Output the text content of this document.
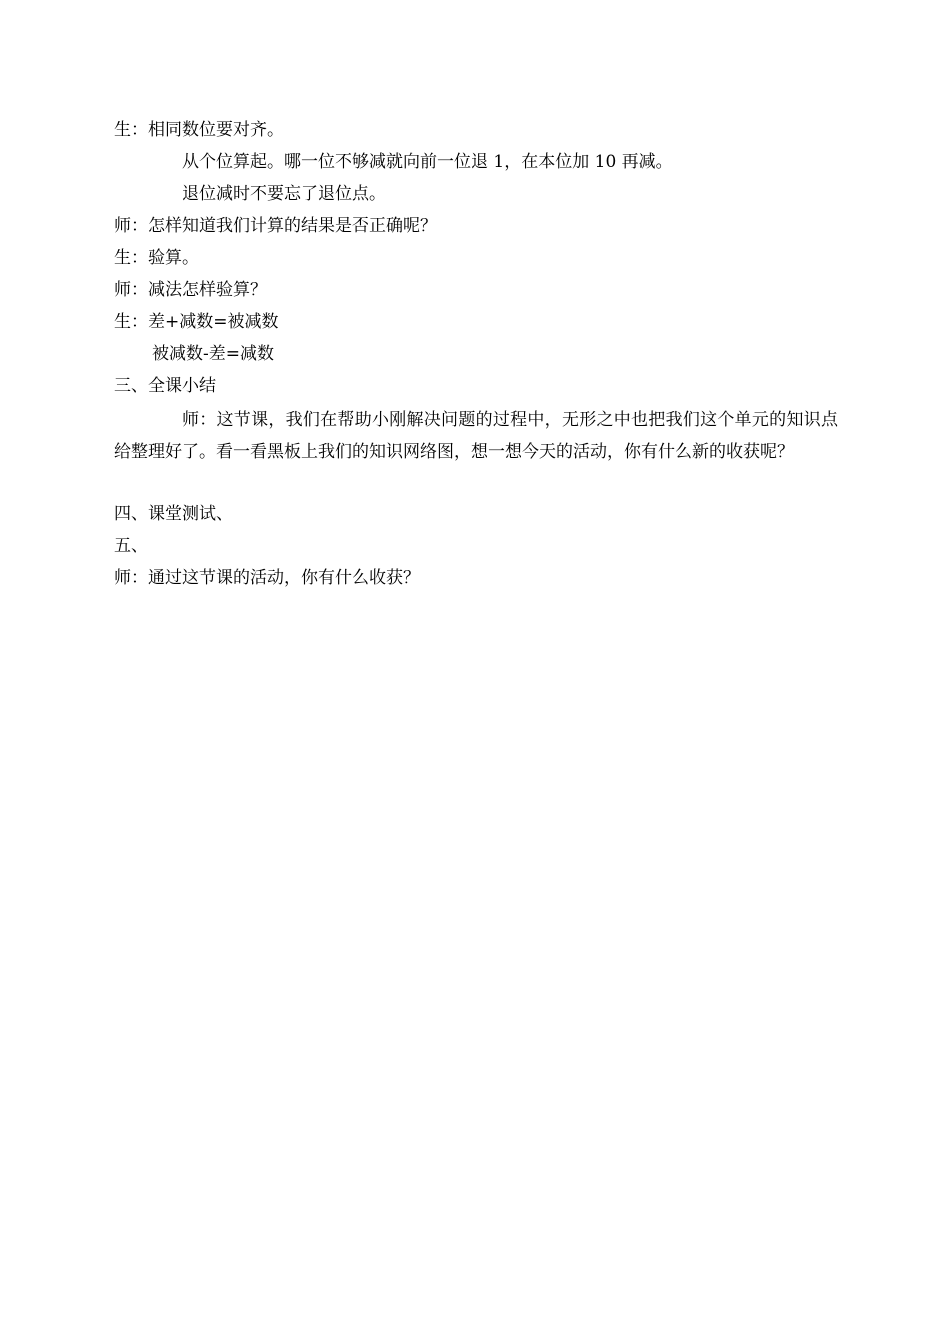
生：相同数位要对齐。
从个位算起。哪一位不够减就向前一位退 1，在本位加 10 再减。
退位减时不要忘了退位点。
师：怎样知道我们计算的结果是否正确呢？
生：验算。
师：减法怎样验算？
生：差+减数=被减数
被减数-差=减数
三、全课小结
师：这节课，我们在帮助小刚解决问题的过程中，无形之中也把我们这个单元的知识点给整理好了。看一看黑板上我们的知识网络图，想一想今天的活动，你有什么新的收获呢？
四、课堂测试、
五、
师：通过这节课的活动，你有什么收获？
